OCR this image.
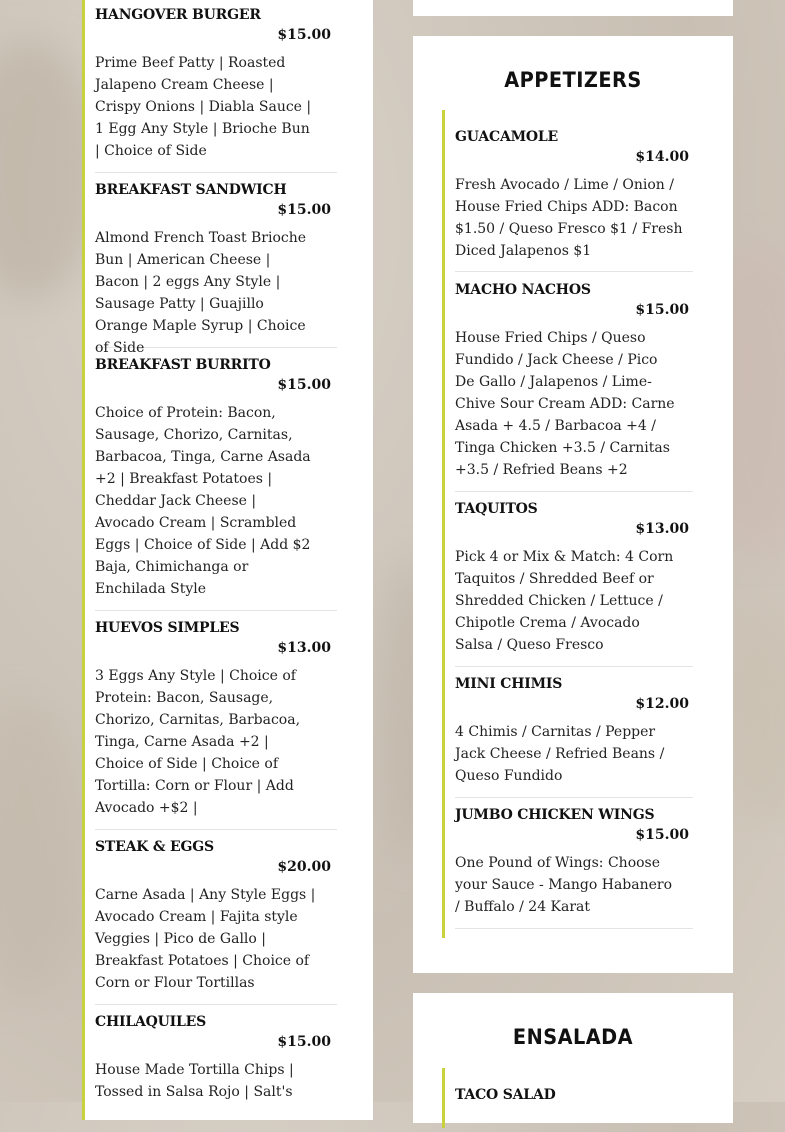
HANGOVER BURGER
$15.00
Prime Beef Patty | Roasted Jalapeno Cream Cheese | Crispy Onions | Diabla Sauce | 1 Egg Any Style | Brioche Bun | Choice of Side
BREAKFAST SANDWICH
$15.00
Almond French Toast Brioche Bun | American Cheese | Bacon | 2 eggs Any Style | Sausage Patty | Guajillo Orange Maple Syrup | Choice of Side
BREAKFAST BURRITO
$15.00
Choice of Protein: Bacon, Sausage, Chorizo, Carnitas, Barbacoa, Tinga, Carne Asada +2 | Breakfast Potatoes | Cheddar Jack Cheese | Avocado Cream | Scrambled Eggs | Choice of Side | Add $2 Baja, Chimichanga or Enchilada Style
HUEVOS SIMPLES
$13.00
3 Eggs Any Style | Choice of Protein: Bacon, Sausage, Chorizo, Carnitas, Barbacoa, Tinga, Carne Asada +2 | Choice of Side | Choice of Tortilla: Corn or Flour | Add Avocado +$2 |
STEAK & EGGS
$20.00
Carne Asada | Any Style Eggs | Avocado Cream | Fajita style Veggies | Pico de Gallo | Breakfast Potatoes | Choice of Corn or Flour Tortillas
CHILAQUILES
$15.00
House Made Tortilla Chips | Tossed in Salsa Rojo | Salt's
APPETIZERS
GUACAMOLE
$14.00
Fresh Avocado / Lime / Onion / House Fried Chips ADD: Bacon $1.50 / Queso Fresco $1 / Fresh Diced Jalapenos $1
MACHO NACHOS
$15.00
House Fried Chips / Queso Fundido / Jack Cheese / Pico De Gallo / Jalapenos / Lime-Chive Sour Cream ADD: Carne Asada + 4.5 / Barbacoa +4 / Tinga Chicken +3.5 / Carnitas +3.5 / Refried Beans +2
TAQUITOS
$13.00
Pick 4 or Mix & Match: 4 Corn Taquitos / Shredded Beef or Shredded Chicken / Lettuce / Chipotle Crema / Avocado Salsa / Queso Fresco
MINI CHIMIS
$12.00
4 Chimis / Carnitas / Pepper Jack Cheese / Refried Beans / Queso Fundido
JUMBO CHICKEN WINGS
$15.00
One Pound of Wings: Choose your Sauce - Mango Habanero / Buffalo / 24 Karat
ENSALADA
TACO SALAD
